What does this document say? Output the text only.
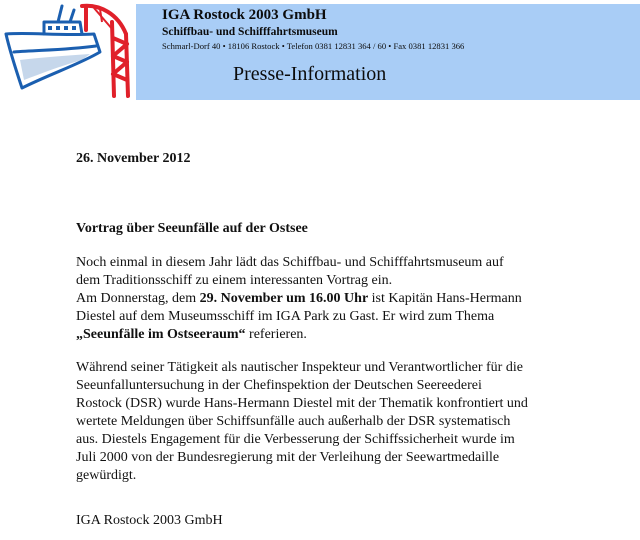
IGA Rostock 2003 GmbH
Schiffbau- und Schifffahrtsmuseum
Schmarl-Dorf 40 • 18106 Rostock • Telefon 0381 12831 364 / 60 • Fax 0381 12831 366
Presse-Information
26. November 2012
Vortrag über Seeunfälle auf der Ostsee
Noch einmal in diesem Jahr lädt das Schiffbau- und Schifffahrtsmuseum auf
dem Traditionsschiff zu einem interessanten Vortrag ein.
Am Donnerstag, dem 29. November um 16.00 Uhr ist Kapitän Hans-Hermann
Diestel auf dem Museumsschiff im IGA Park zu Gast. Er wird zum Thema
„Seeunfälle im Ostseeraum“ referieren.
Während seiner Tätigkeit als nautischer Inspekteur und Verantwortlicher für die
Seeunfalluntersuchung in der Chefinspektion der Deutschen Seereederei
Rostock (DSR) wurde Hans-Hermann Diestel mit der Thematik konfrontiert und
wertete Meldungen über Schiffsunfälle auch außerhalb der DSR systematisch
aus. Diestels Engagement für die Verbesserung der Schiffssicherheit wurde im
Juli 2000 von der Bundesregierung mit der Verleihung der Seewartmedaille
gewürdigt.
IGA Rostock 2003 GmbH
